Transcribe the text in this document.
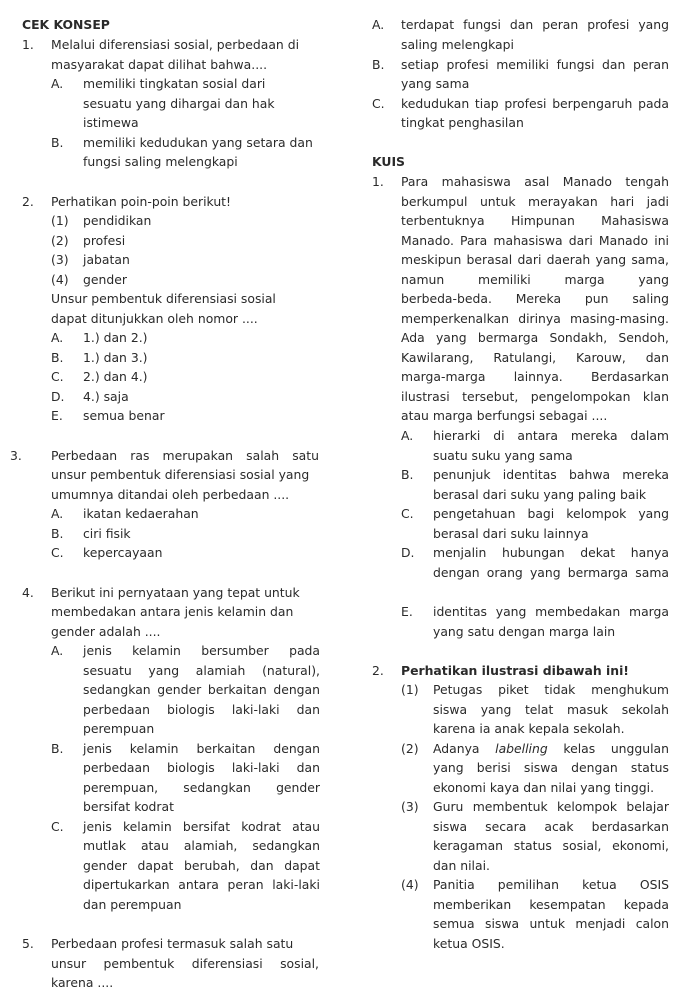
CEK KONSEP
1. Melalui diferensiasi sosial, perbedaan di
masyarakat dapat dilihat bahwa....
A. memiliki tingkatan sosial dari
sesuatu yang dihargai dan hak
istimewa
B. memiliki kedudukan yang setara dan
fungsi saling melengkapi
2. Perhatikan poin-poin berikut!
(1) pendidikan
(2) profesi
(3) jabatan
(4) gender
Unsur pembentuk diferensiasi sosial
dapat ditunjukkan oleh nomor ....
A. 1.) dan 2.)
B. 1.) dan 3.)
C. 2.) dan 4.)
D. 4.) saja
E. semua benar
3. Perbedaan ras merupakan salah satu
unsur pembentuk diferensiasi sosial yang
umumnya ditandai oleh perbedaan ....
A. ikatan kedaerahan
B. ciri fisik
C. kepercayaan
4. Berikut ini pernyataan yang tepat untuk
membedakan antara jenis kelamin dan
gender adalah ....
A. jenis kelamin bersumber pada
sesuatu yang alamiah (natural),
sedangkan gender berkaitan dengan
perbedaan biologis laki-laki dan
perempuan
B. jenis kelamin berkaitan dengan
perbedaan biologis laki-laki dan
perempuan, sedangkan gender
bersifat kodrat
C. jenis kelamin bersifat kodrat atau
mutlak atau alamiah, sedangkan
gender dapat berubah, dan dapat
dipertukarkan antara peran laki-laki
dan perempuan
5. Perbedaan profesi termasuk salah satu
unsur pembentuk diferensiasi sosial,
karena ....
A. terdapat fungsi dan peran profesi yang
saling melengkapi
B. setiap profesi memiliki fungsi dan peran
yang sama
C. kedudukan tiap profesi berpengaruh pada
tingkat penghasilan
KUIS
1. Para mahasiswa asal Manado tengah
berkumpul untuk merayakan hari jadi
terbentuknya Himpunan Mahasiswa
Manado. Para mahasiswa dari Manado ini
meskipun berasal dari daerah yang sama,
namun memiliki marga yang
berbeda-beda. Mereka pun saling
memperkenalkan dirinya masing-masing.
Ada yang bermarga Sondakh, Sendoh,
Kawilarang, Ratulangi, Karouw, dan
marga-marga lainnya. Berdasarkan
ilustrasi tersebut, pengelompokan klan
atau marga berfungsi sebagai ....
A. hierarki di antara mereka dalam
suatu suku yang sama
B. penunjuk identitas bahwa mereka
berasal dari suku yang paling baik
C. pengetahuan bagi kelompok yang
berasal dari suku lainnya
D. menjalin hubungan dekat hanya
dengan orang yang bermarga sama
E. identitas yang membedakan marga
yang satu dengan marga lain
2. Perhatikan ilustrasi dibawah ini!
(1) Petugas piket tidak menghukum
siswa yang telat masuk sekolah
karena ia anak kepala sekolah.
(2) Adanya labelling kelas unggulan
yang berisi siswa dengan status
ekonomi kaya dan nilai yang tinggi.
(3) Guru membentuk kelompok belajar
siswa secara acak berdasarkan
keragaman status sosial, ekonomi,
dan nilai.
(4) Panitia pemilihan ketua OSIS
memberikan kesempatan kepada
semua siswa untuk menjadi calon
ketua OSIS.
